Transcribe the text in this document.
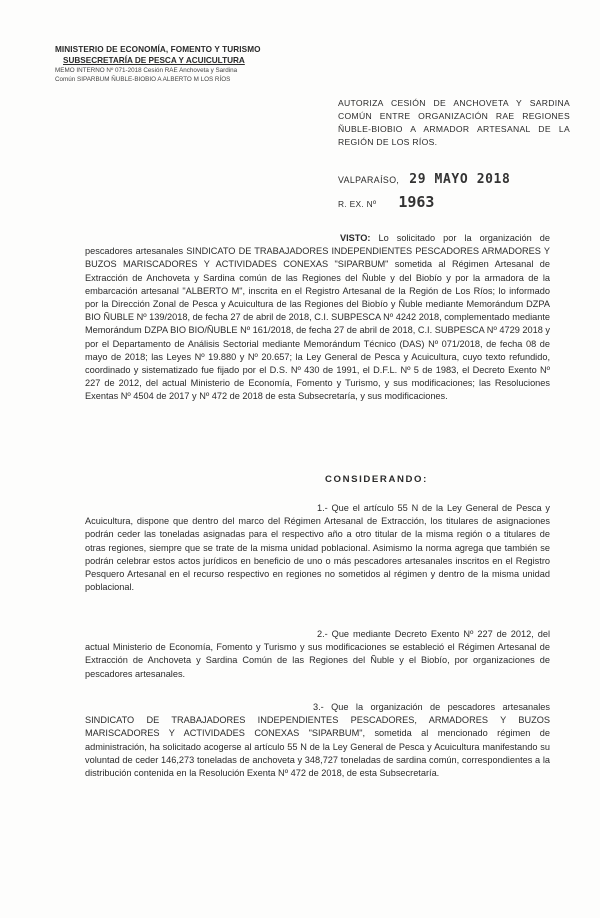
MINISTERIO DE ECONOMÍA, FOMENTO Y TURISMO
SUBSECRETARÍA DE PESCA Y ACUICULTURA
MEMO INTERNO Nº 071-2018 Cesión RAE Anchoveta y Sardina
Común SIPARBUM ÑUBLE-BIOBIO A ALBERTO M LOS RÍOS
AUTORIZA CESIÓN DE ANCHOVETA Y SARDINA COMÚN ENTRE ORGANIZACIÓN RAE REGIONES ÑUBLE-BIOBIO A ARMADOR ARTESANAL DE LA REGIÓN DE LOS RÍOS.
VALPARAÍSO, 29 MAYO 2018
R. EX. Nº 1963
VISTO: Lo solicitado por la organización de pescadores artesanales SINDICATO DE TRABAJADORES INDEPENDIENTES PESCADORES ARMADORES Y BUZOS MARISCADORES Y ACTIVIDADES CONEXAS "SIPARBUM" sometida al Régimen Artesanal de Extracción de Anchoveta y Sardina común de las Regiones del Ñuble y del Biobío y por la armadora de la embarcación artesanal "ALBERTO M", inscrita en el Registro Artesanal de la Región de Los Ríos; lo informado por la Dirección Zonal de Pesca y Acuicultura de las Regiones del Biobío y Ñuble mediante Memorándum DZPA BIO ÑUBLE Nº 139/2018, de fecha 27 de abril de 2018, C.I. SUBPESCA Nº 4242 2018, complementado mediante Memorándum DZPA BIO BIO/ÑUBLE Nº 161/2018, de fecha 27 de abril de 2018, C.I. SUBPESCA Nº 4729 2018 y por el Departamento de Análisis Sectorial mediante Memorándum Técnico (DAS) Nº 071/2018, de fecha 08 de mayo de 2018; las Leyes Nº 19.880 y Nº 20.657; la Ley General de Pesca y Acuicultura, cuyo texto refundido, coordinado y sistematizado fue fijado por el D.S. Nº 430 de 1991, el D.F.L. Nº 5 de 1983, el Decreto Exento Nº 227 de 2012, del actual Ministerio de Economía, Fomento y Turismo, y sus modificaciones; las Resoluciones Exentas Nº 4504 de 2017 y Nº 472 de 2018 de esta Subsecretaría, y sus modificaciones.
CONSIDERANDO:
1.- Que el artículo 55 N de la Ley General de Pesca y Acuicultura, dispone que dentro del marco del Régimen Artesanal de Extracción, los titulares de asignaciones podrán ceder las toneladas asignadas para el respectivo año a otro titular de la misma región o a titulares de otras regiones, siempre que se trate de la misma unidad poblacional. Asimismo la norma agrega que también se podrán celebrar estos actos jurídicos en beneficio de uno o más pescadores artesanales inscritos en el Registro Pesquero Artesanal en el recurso respectivo en regiones no sometidos al régimen y dentro de la misma unidad poblacional.
2.- Que mediante Decreto Exento Nº 227 de 2012, del actual Ministerio de Economía, Fomento y Turismo y sus modificaciones se estableció el Régimen Artesanal de Extracción de Anchoveta y Sardina Común de las Regiones del Ñuble y el Biobío, por organizaciones de pescadores artesanales.
3.- Que la organización de pescadores artesanales SINDICATO DE TRABAJADORES INDEPENDIENTES PESCADORES, ARMADORES Y BUZOS MARISCADORES Y ACTIVIDADES CONEXAS "SIPARBUM", sometida al mencionado régimen de administración, ha solicitado acogerse al artículo 55 N de la Ley General de Pesca y Acuicultura manifestando su voluntad de ceder 146,273 toneladas de anchoveta y 348,727 toneladas de sardina común, correspondientes a la distribución contenida en la Resolución Exenta Nº 472 de 2018, de esta Subsecretaría.
